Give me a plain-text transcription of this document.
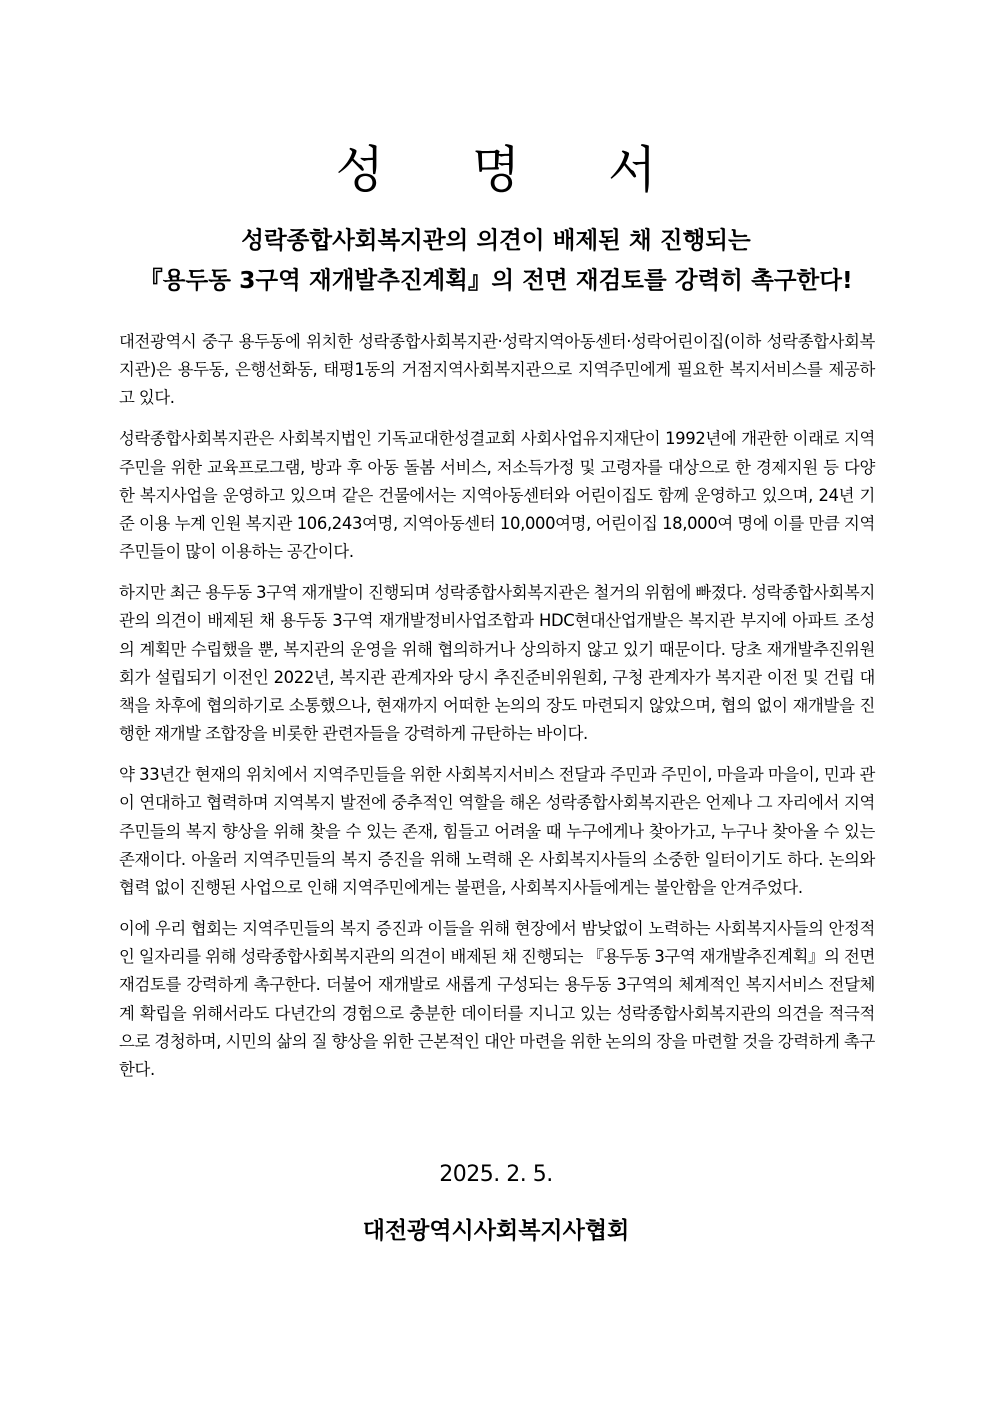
성 명 서
성락종합사회복지관의 의견이 배제된 채 진행되는
『용두동 3구역 재개발추진계획』의 전면 재검토를 강력히 촉구한다!

대전광역시 중구 용두동에 위치한 성락종합사회복지관·성락지역아동센터·성락어린이집(이하 성락종합사회복지관)은 용두동, 은행선화동, 태평1동의 거점지역사회복지관으로 지역주민에게 필요한 복지서비스를 제공하고 있다.

성락종합사회복지관은 사회복지법인 기독교대한성결교회 사회사업유지재단이 1992년에 개관한 이래로 지역주민을 위한 교육프로그램, 방과 후 아동 돌봄 서비스, 저소득가정 및 고령자를 대상으로 한 경제지원 등 다양한 복지사업을 운영하고 있으며 같은 건물에서는 지역아동센터와 어린이집도 함께 운영하고 있으며, 24년 기준 이용 누계 인원 복지관 106,243여명, 지역아동센터 10,000여명, 어린이집 18,000여 명에 이를 만큼 지역주민들이 많이 이용하는 공간이다.

하지만 최근 용두동 3구역 재개발이 진행되며 성락종합사회복지관은 철거의 위험에 빠졌다. 성락종합사회복지관의 의견이 배제된 채 용두동 3구역 재개발정비사업조합과 HDC현대산업개발은 복지관 부지에 아파트 조성의 계획만 수립했을 뿐, 복지관의 운영을 위해 협의하거나 상의하지 않고 있기 때문이다. 당초 재개발추진위원회가 설립되기 이전인 2022년, 복지관 관계자와 당시 추진준비위원회, 구청 관계자가 복지관 이전 및 건립 대책을 차후에 협의하기로 소통했으나, 현재까지 어떠한 논의의 장도 마련되지 않았으며, 협의 없이 재개발을 진행한 재개발 조합장을 비롯한 관련자들을 강력하게 규탄하는 바이다.

약 33년간 현재의 위치에서 지역주민들을 위한 사회복지서비스 전달과 주민과 주민이, 마을과 마을이, 민과 관이 연대하고 협력하며 지역복지 발전에 중추적인 역할을 해온 성락종합사회복지관은 언제나 그 자리에서 지역주민들의 복지 향상을 위해 찾을 수 있는 존재, 힘들고 어려울 때 누구에게나 찾아가고, 누구나 찾아올 수 있는 존재이다. 아울러 지역주민들의 복지 증진을 위해 노력해 온 사회복지사들의 소중한 일터이기도 하다. 논의와 협력 없이 진행된 사업으로 인해 지역주민에게는 불편을, 사회복지사들에게는 불안함을 안겨주었다.

이에 우리 협회는 지역주민들의 복지 증진과 이들을 위해 현장에서 밤낮없이 노력하는 사회복지사들의 안정적인 일자리를 위해 성락종합사회복지관의 의견이 배제된 채 진행되는 『용두동 3구역 재개발추진계획』의 전면 재검토를 강력하게 촉구한다. 더불어 재개발로 새롭게 구성되는 용두동 3구역의 체계적인 복지서비스 전달체계 확립을 위해서라도 다년간의 경험으로 충분한 데이터를 지니고 있는 성락종합사회복지관의 의견을 적극적으로 경청하며, 시민의 삶의 질 향상을 위한 근본적인 대안 마련을 위한 논의의 장을 마련할 것을 강력하게 촉구한다.

2025. 2. 5.
대전광역시사회복지사협회
